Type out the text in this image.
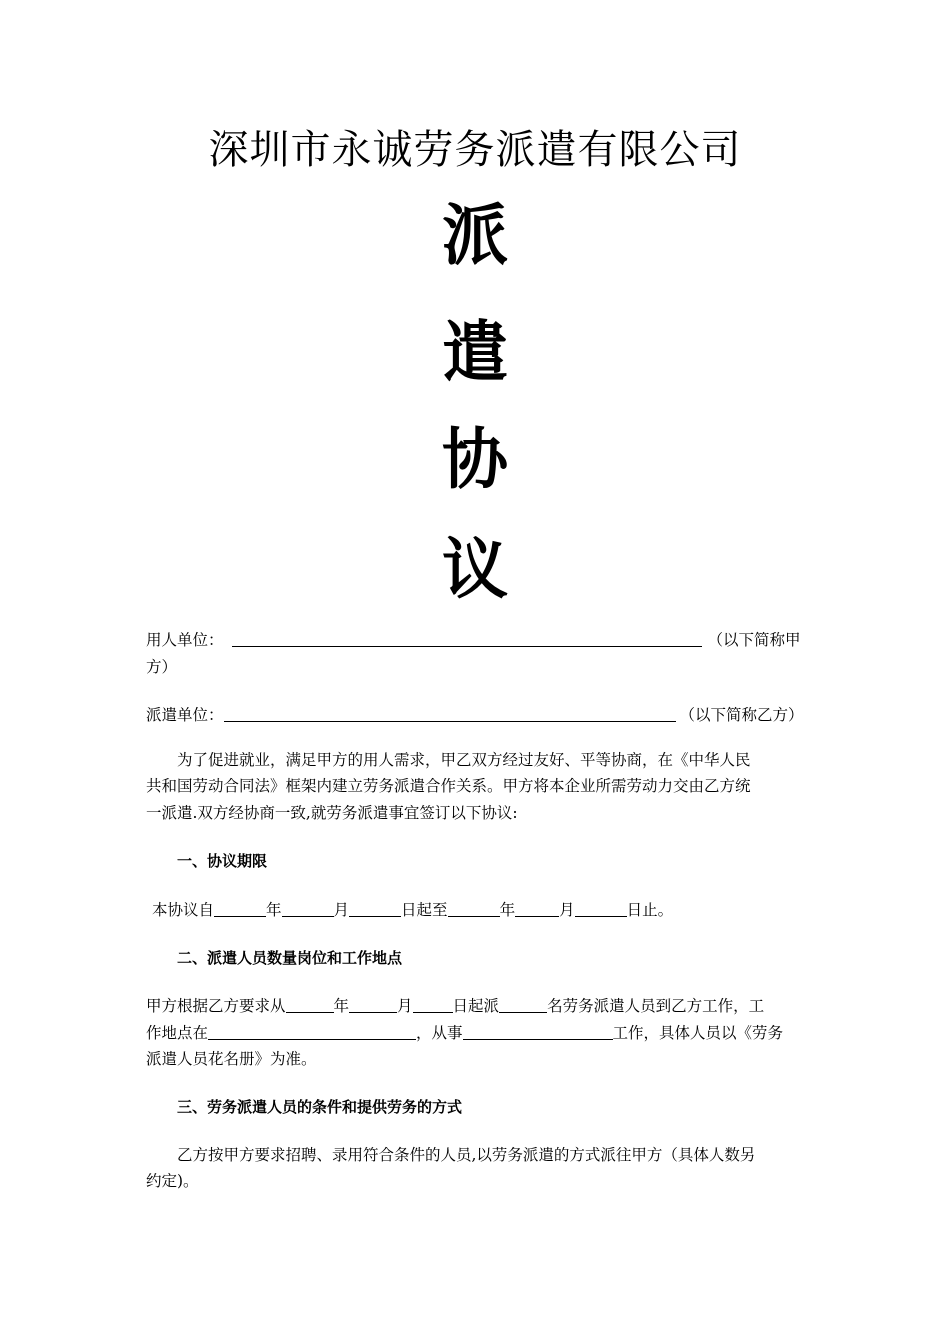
深圳市永诚劳务派遣有限公司
派
遣
协
议
用人单位：	（以下简称甲
方）
派遣单位：	（以下简称乙方）
为了促进就业，满足甲方的用人需求，甲乙双方经过友好、平等协商，在《中华人民
共和国劳动合同法》框架内建立劳务派遣合作关系。甲方将本企业所需劳动力交由乙方统
一派遣.双方经协商一致,就劳务派遣事宜签订以下协议:
一、协议期限
本协议自	年	月	日起至	年	月	日止。
二、派遣人员数量岗位和工作地点
甲方根据乙方要求从	年	月	日起派	名劳务派遣人员到乙方工作，工
作地点在	，从事	工作，具体人员以《劳务
派遣人员花名册》为准。
三、劳务派遣人员的条件和提供劳务的方式
乙方按甲方要求招聘、录用符合条件的人员,以劳务派遣的方式派往甲方（具体人数另
约定)。
